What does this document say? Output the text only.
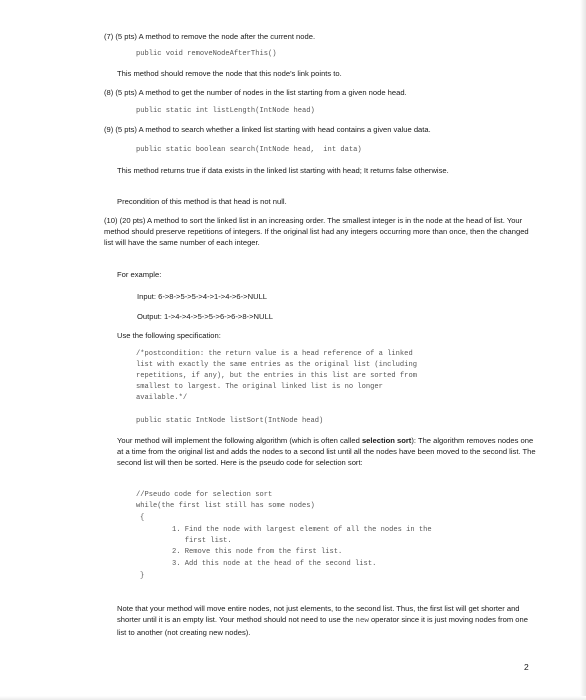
(7) (5 pts) A method to remove the node after the current node.

public void removeNodeAfterThis()

This method should remove the node that this node's link points to.

(8) (5 pts) A method to get the number of nodes in the list starting from a given node head.

public static int listLength(IntNode head)

(9) (5 pts) A method to search whether a linked list starting with head contains a given value data.

public static boolean search(IntNode head,  int data)

This method returns true if data exists in the linked list starting with head; It returns false otherwise.

Precondition of this method is that head is not null.

(10) (20 pts) A method to sort the linked list in an increasing order. The smallest integer is in the node at the head of list. Your method should preserve repetitions of integers. If the original list had any integers occurring more than once, then the changed list will have the same number of each integer.

For example:

Input: 6->8->5->5->4->1->4->6->NULL

Output: 1->4->4->5->5->6->6->8->NULL

Use the following specification:

/*postcondition: the return value is a head reference of a linked
list with exactly the same entries as the original list (including
repetitions, if any), but the entries in this list are sorted from
smallest to largest. The original linked list is no longer
available.*/

public static IntNode listSort(IntNode head)

Your method will implement the following algorithm (which is often called selection sort): The algorithm removes nodes one at a time from the original list and adds the nodes to a second list until all the nodes have been moved to the second list. The second list will then be sorted. Here is the pseudo code for selection sort:

//Pseudo code for selection sort

while(the first list still has some nodes)

{

1. Find the node with largest element of all the nodes in the
first list.

2. Remove this node from the first list.

3. Add this node at the head of the second list.

}

Note that your method will move entire nodes, not just elements, to the second list. Thus, the first list will get shorter and shorter until it is an empty list. Your method should not need to use the new operator since it is just moving nodes from one list to another (not creating new nodes).

2
